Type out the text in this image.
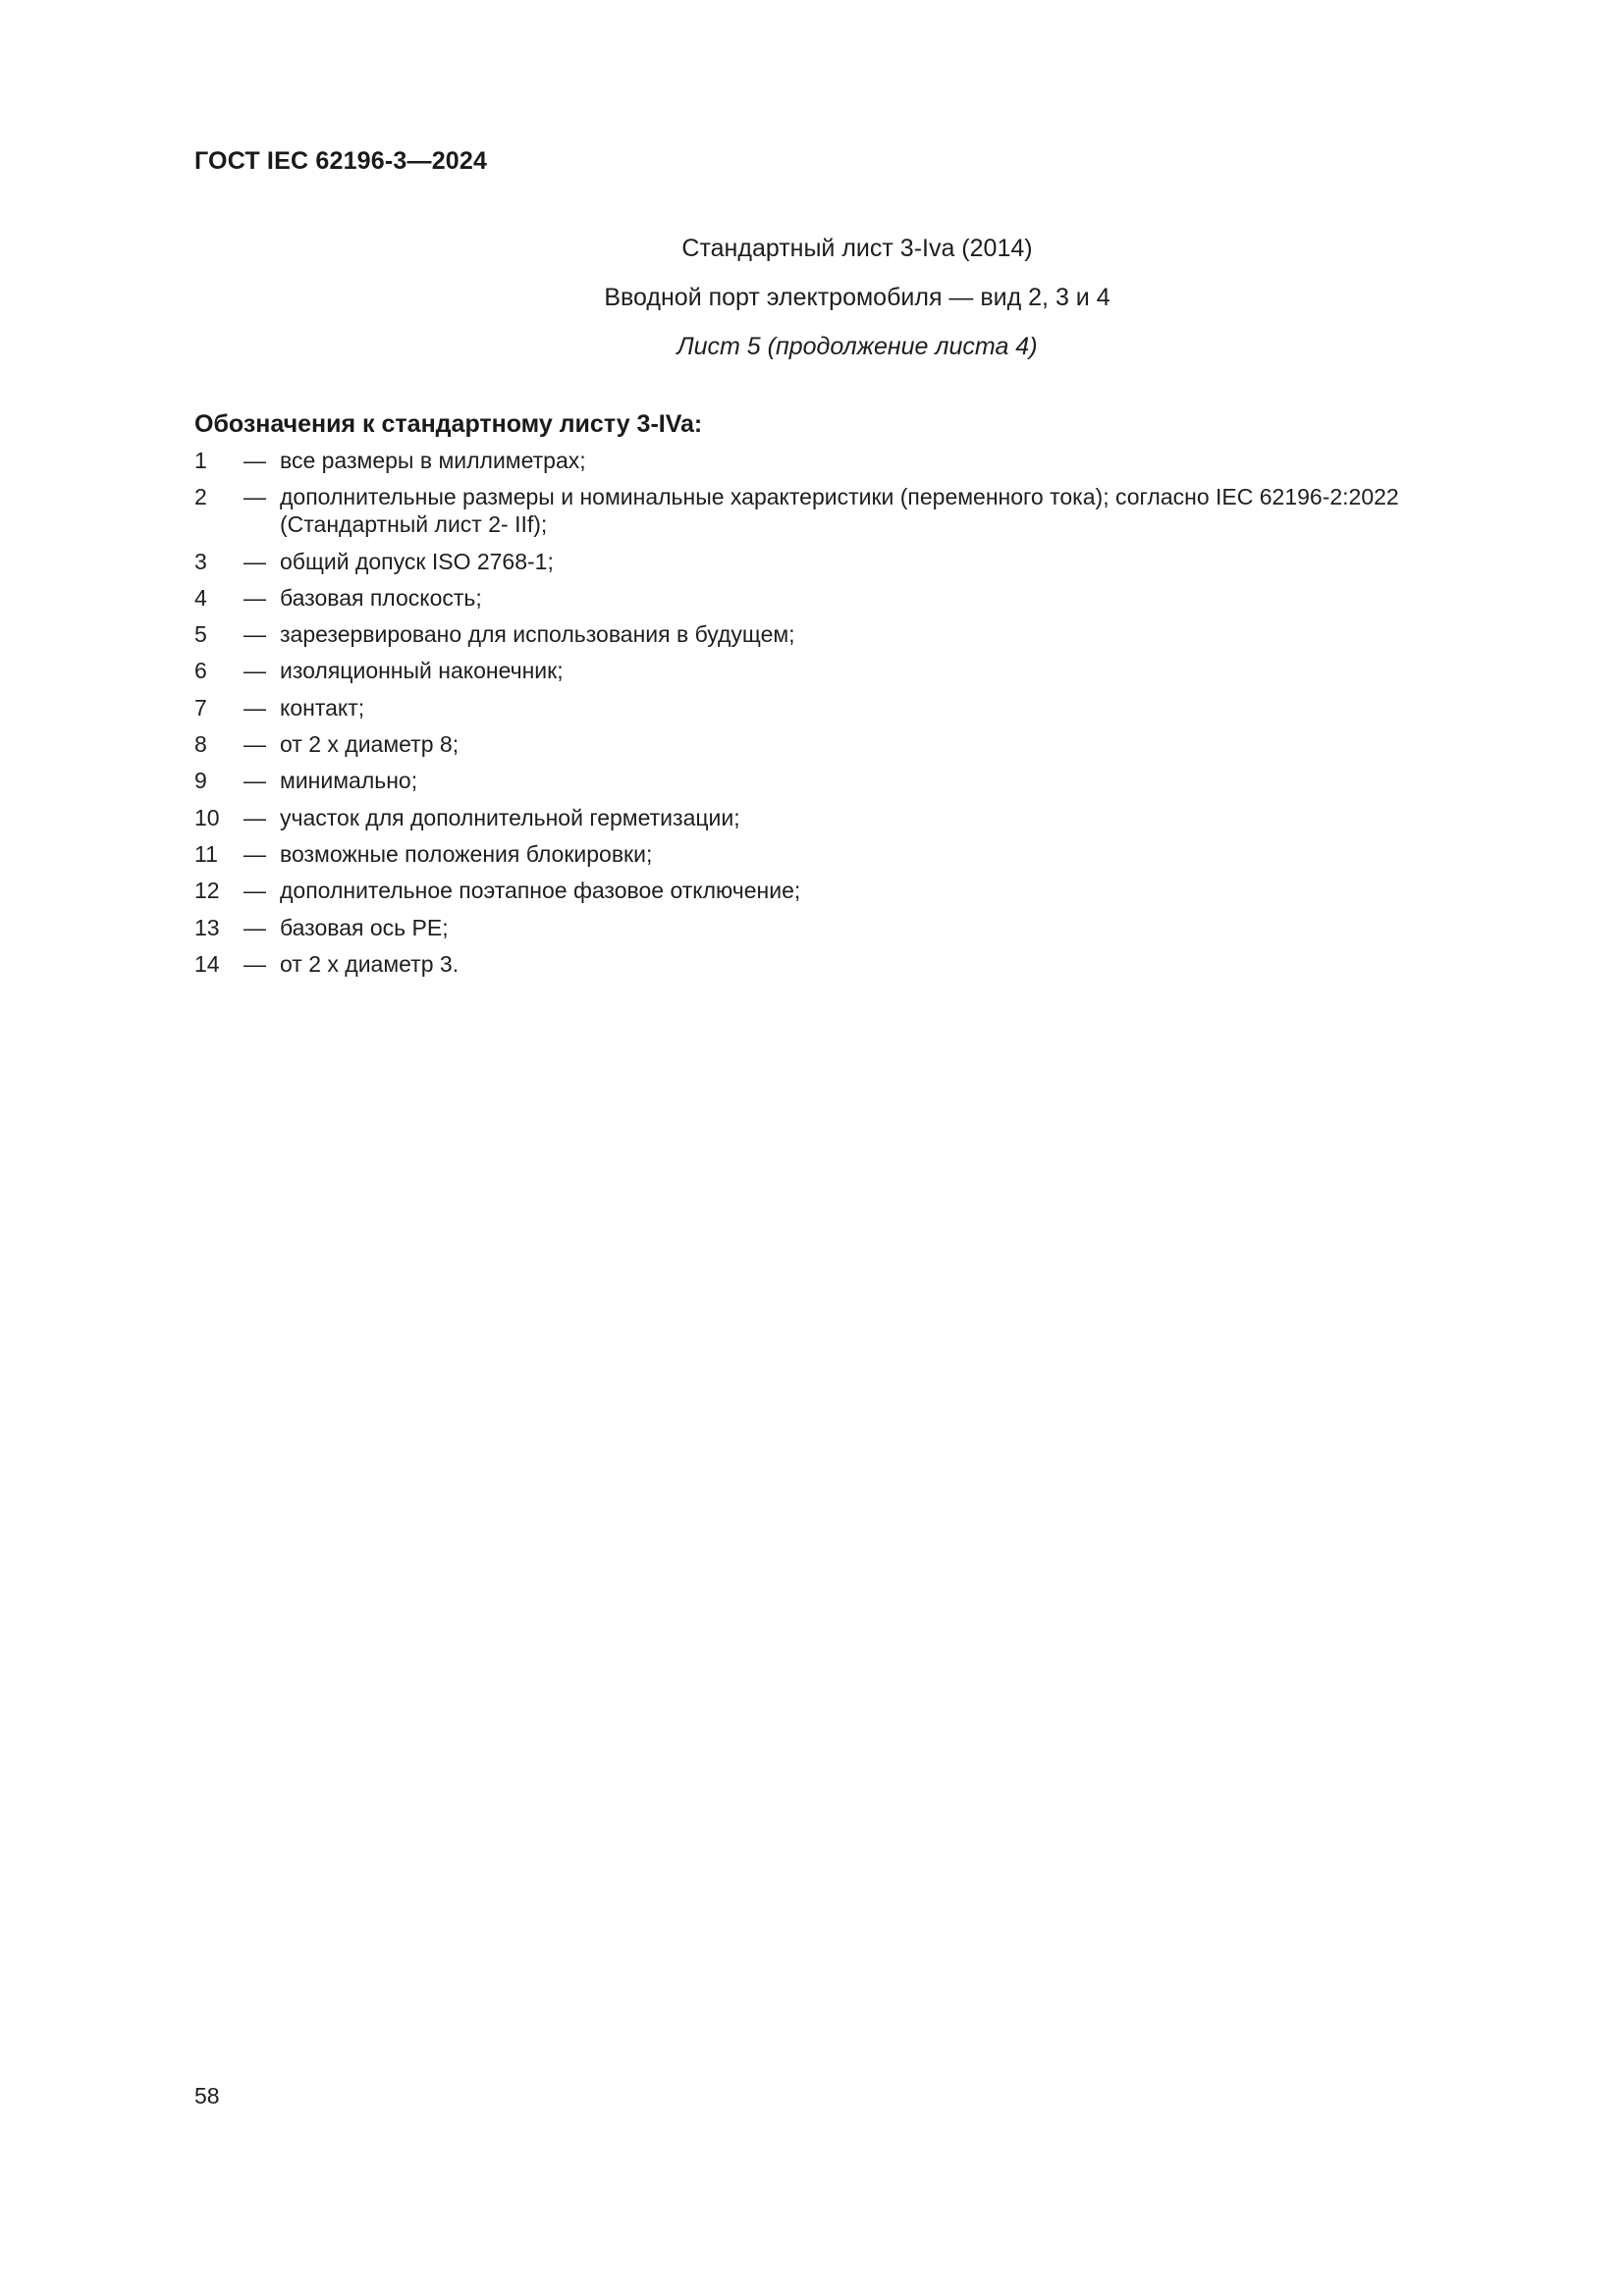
ГОСТ IEC 62196-3—2024
Стандартный лист 3-Iva (2014)
Вводной порт электромобиля — вид 2, 3 и 4
Лист 5 (продолжение листа 4)
Обозначения к стандартному листу 3-IVa:
1	— все размеры в миллиметрах;
2	— дополнительные размеры и номинальные характеристики (переменного тока); согласно IEC 62196-2:2022 (Стандартный лист 2- IIf);
3	— общий допуск ISO 2768-1;
4	— базовая плоскость;
5	— зарезервировано для использования в будущем;
6	— изоляционный наконечник;
7	— контакт;
8	— от 2 x диаметр 8;
9	— минимально;
10	— участок для дополнительной герметизации;
11	— возможные положения блокировки;
12	— дополнительное поэтапное фазовое отключение;
13	— базовая ось PE;
14	— от 2 x диаметр 3.
58
